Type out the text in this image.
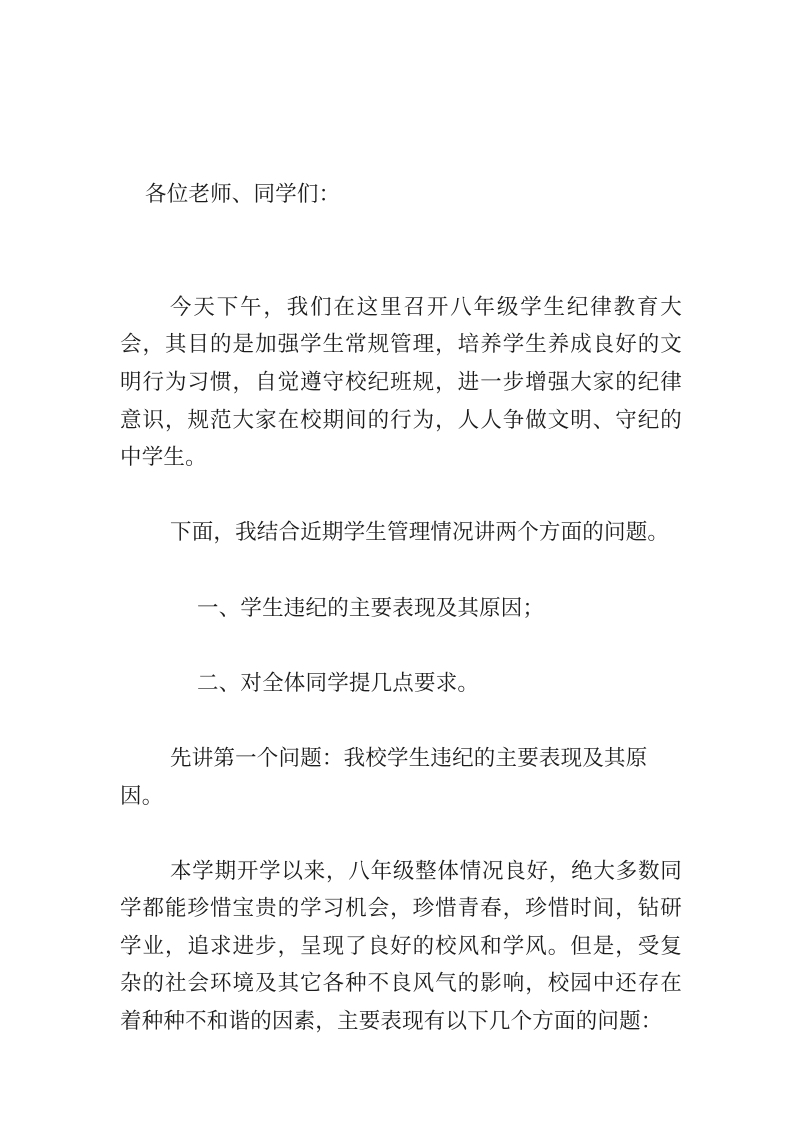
各位老师、同学们：

今天下午，我们在这里召开八年级学生纪律教育大会，其目的是加强学生常规管理，培养学生养成良好的文明行为习惯，自觉遵守校纪班规，进一步增强大家的纪律意识，规范大家在校期间的行为，人人争做文明、守纪的中学生。

下面，我结合近期学生管理情况讲两个方面的问题。

一、学生违纪的主要表现及其原因；

二、对全体同学提几点要求。

先讲第一个问题：我校学生违纪的主要表现及其原因。

本学期开学以来，八年级整体情况良好，绝大多数同学都能珍惜宝贵的学习机会，珍惜青春，珍惜时间，钻研学业，追求进步，呈现了良好的校风和学风。但是，受复杂的社会环境及其它各种不良风气的影响，校园中还存在着种种不和谐的因素，主要表现有以下几个方面的问题：
